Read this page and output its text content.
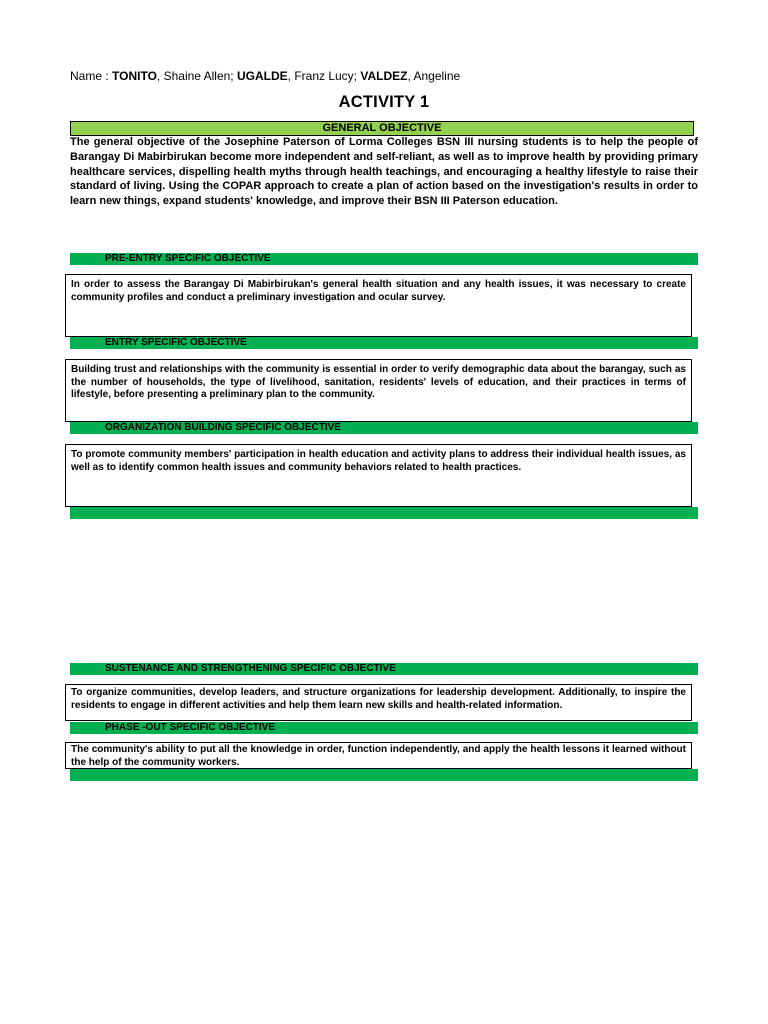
Name : TONITO, Shaine Allen; UGALDE, Franz Lucy; VALDEZ, Angeline
ACTIVITY 1
GENERAL OBJECTIVE
The general objective of the Josephine Paterson of Lorma Colleges BSN III nursing students is to help the people of Barangay Di Mabirbirukan become more independent and self-reliant, as well as to improve health by providing primary healthcare services, dispelling health myths through health teachings, and encouraging a healthy lifestyle to raise their standard of living. Using the COPAR approach to create a plan of action based on the investigation's results in order to learn new things, expand students' knowledge, and improve their BSN III Paterson education.
PRE-ENTRY SPECIFIC OBJECTIVE
In order to assess the Barangay Di Mabirbirukan's general health situation and any health issues, it was necessary to create community profiles and conduct a preliminary investigation and ocular survey.
ENTRY SPECIFIC OBJECTIVE
Building trust and relationships with the community is essential in order to verify demographic data about the barangay, such as the number of households, the type of livelihood, sanitation, residents' levels of education, and their practices in terms of lifestyle, before presenting a preliminary plan to the community.
ORGANIZATION BUILDING SPECIFIC OBJECTIVE
To promote community members' participation in health education and activity plans to address their individual health issues, as well as to identify common health issues and community behaviors related to health practices.
SUSTENANCE AND STRENGTHENING SPECIFIC OBJECTIVE
To organize communities, develop leaders, and structure organizations for leadership development. Additionally, to inspire the residents to engage in different activities and help them learn new skills and health-related information.
PHASE -OUT SPECIFIC OBJECTIVE
The community's ability to put all the knowledge in order, function independently, and apply the health lessons it learned without the help of the community workers.
